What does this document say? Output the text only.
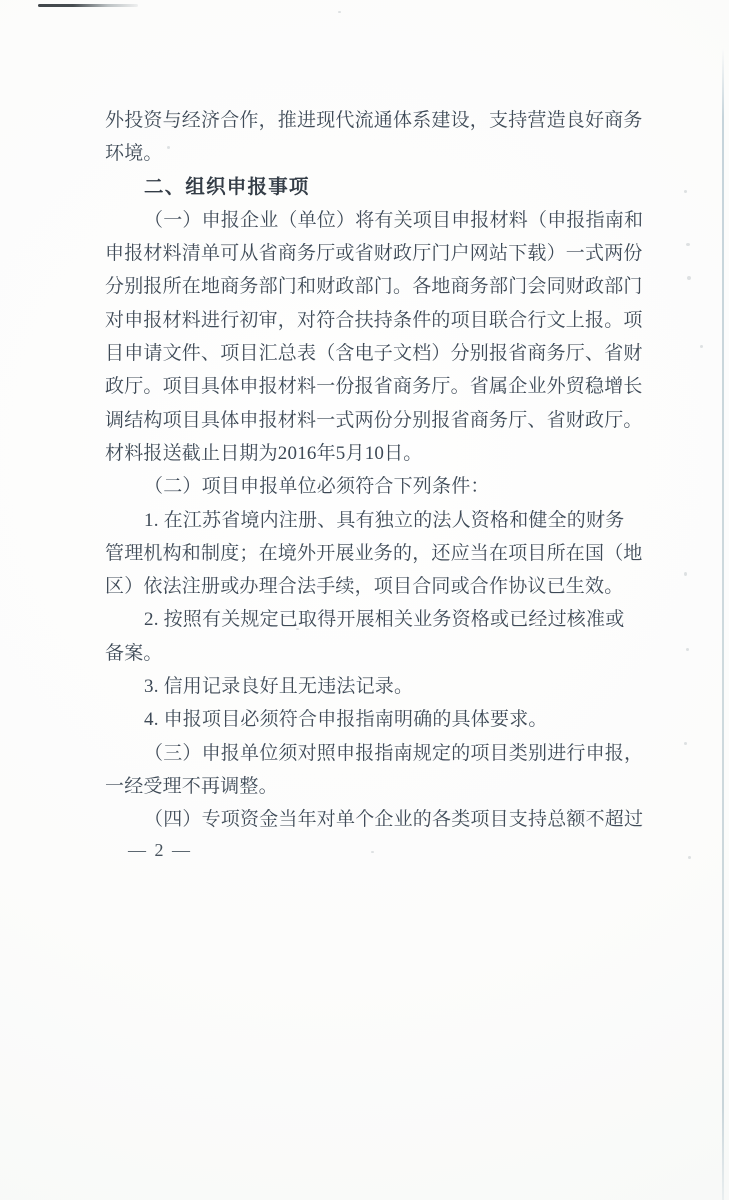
外投资与经济合作，推进现代流通体系建设，支持营造良好商务
环境。
二、组织申报事项
（一）申报企业（单位）将有关项目申报材料（申报指南和
申报材料清单可从省商务厅或省财政厅门户网站下载）一式两份
分别报所在地商务部门和财政部门。各地商务部门会同财政部门
对申报材料进行初审，对符合扶持条件的项目联合行文上报。项
目申请文件、项目汇总表（含电子文档）分别报省商务厅、省财
政厅。项目具体申报材料一份报省商务厅。省属企业外贸稳增长
调结构项目具体申报材料一式两份分别报省商务厅、省财政厅。
材料报送截止日期为2016年5月10日。
（二）项目申报单位必须符合下列条件：
1. 在江苏省境内注册、具有独立的法人资格和健全的财务
管理机构和制度；在境外开展业务的，还应当在项目所在国（地
区）依法注册或办理合法手续，项目合同或合作协议已生效。
2. 按照有关规定已取得开展相关业务资格或已经过核准或
备案。
3. 信用记录良好且无违法记录。
4. 申报项目必须符合申报指南明确的具体要求。
（三）申报单位须对照申报指南规定的项目类别进行申报，
一经受理不再调整。
（四）专项资金当年对单个企业的各类项目支持总额不超过
— 2 —
